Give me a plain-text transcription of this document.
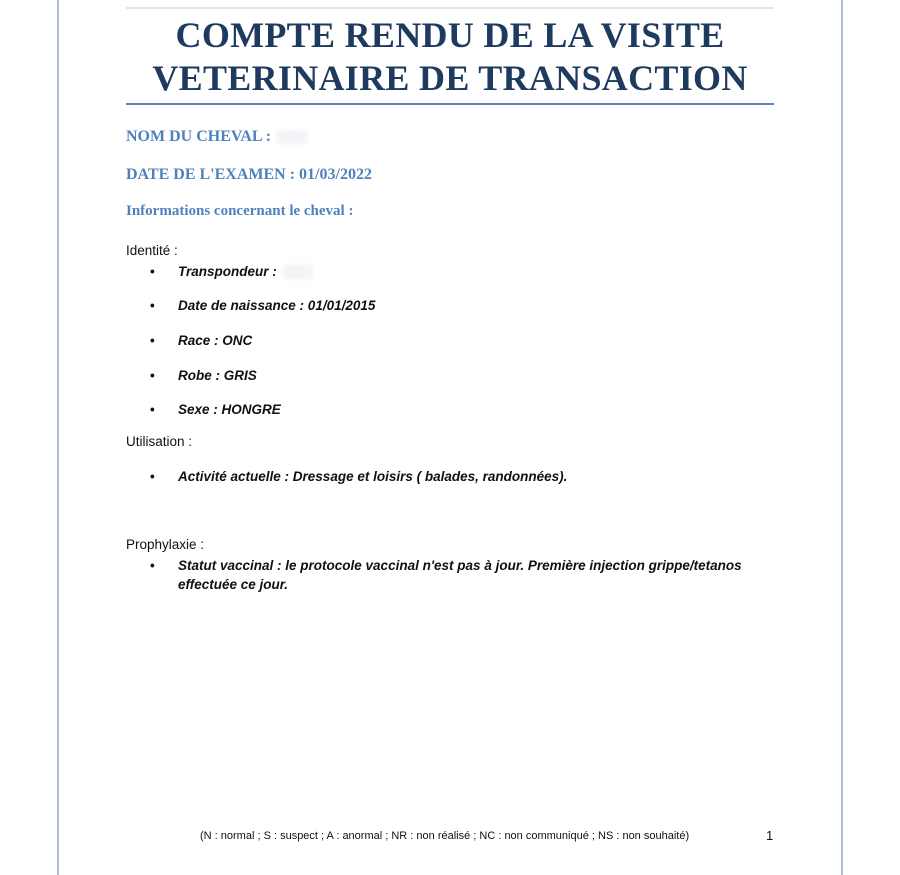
COMPTE RENDU DE LA VISITE
VETERINAIRE DE TRANSACTION

NOM DU CHEVAL :

DATE DE L'EXAMEN : 01/03/2022

Informations concernant le cheval :

Identité :

• Transpondeur :
• Date de naissance : 01/01/2015
• Race : ONC
• Robe : GRIS
• Sexe : HONGRE

Utilisation :

• Activité actuelle : Dressage et loisirs ( balades, randonnées).

Prophylaxie :

• Statut vaccinal : le protocole vaccinal n'est pas à jour. Première injection grippe/tetanos effectuée ce jour.
(N : normal ; S : suspect ; A : anormal ; NR : non réalisé ; NC : non communiqué ; NS : non souhaité)	1
